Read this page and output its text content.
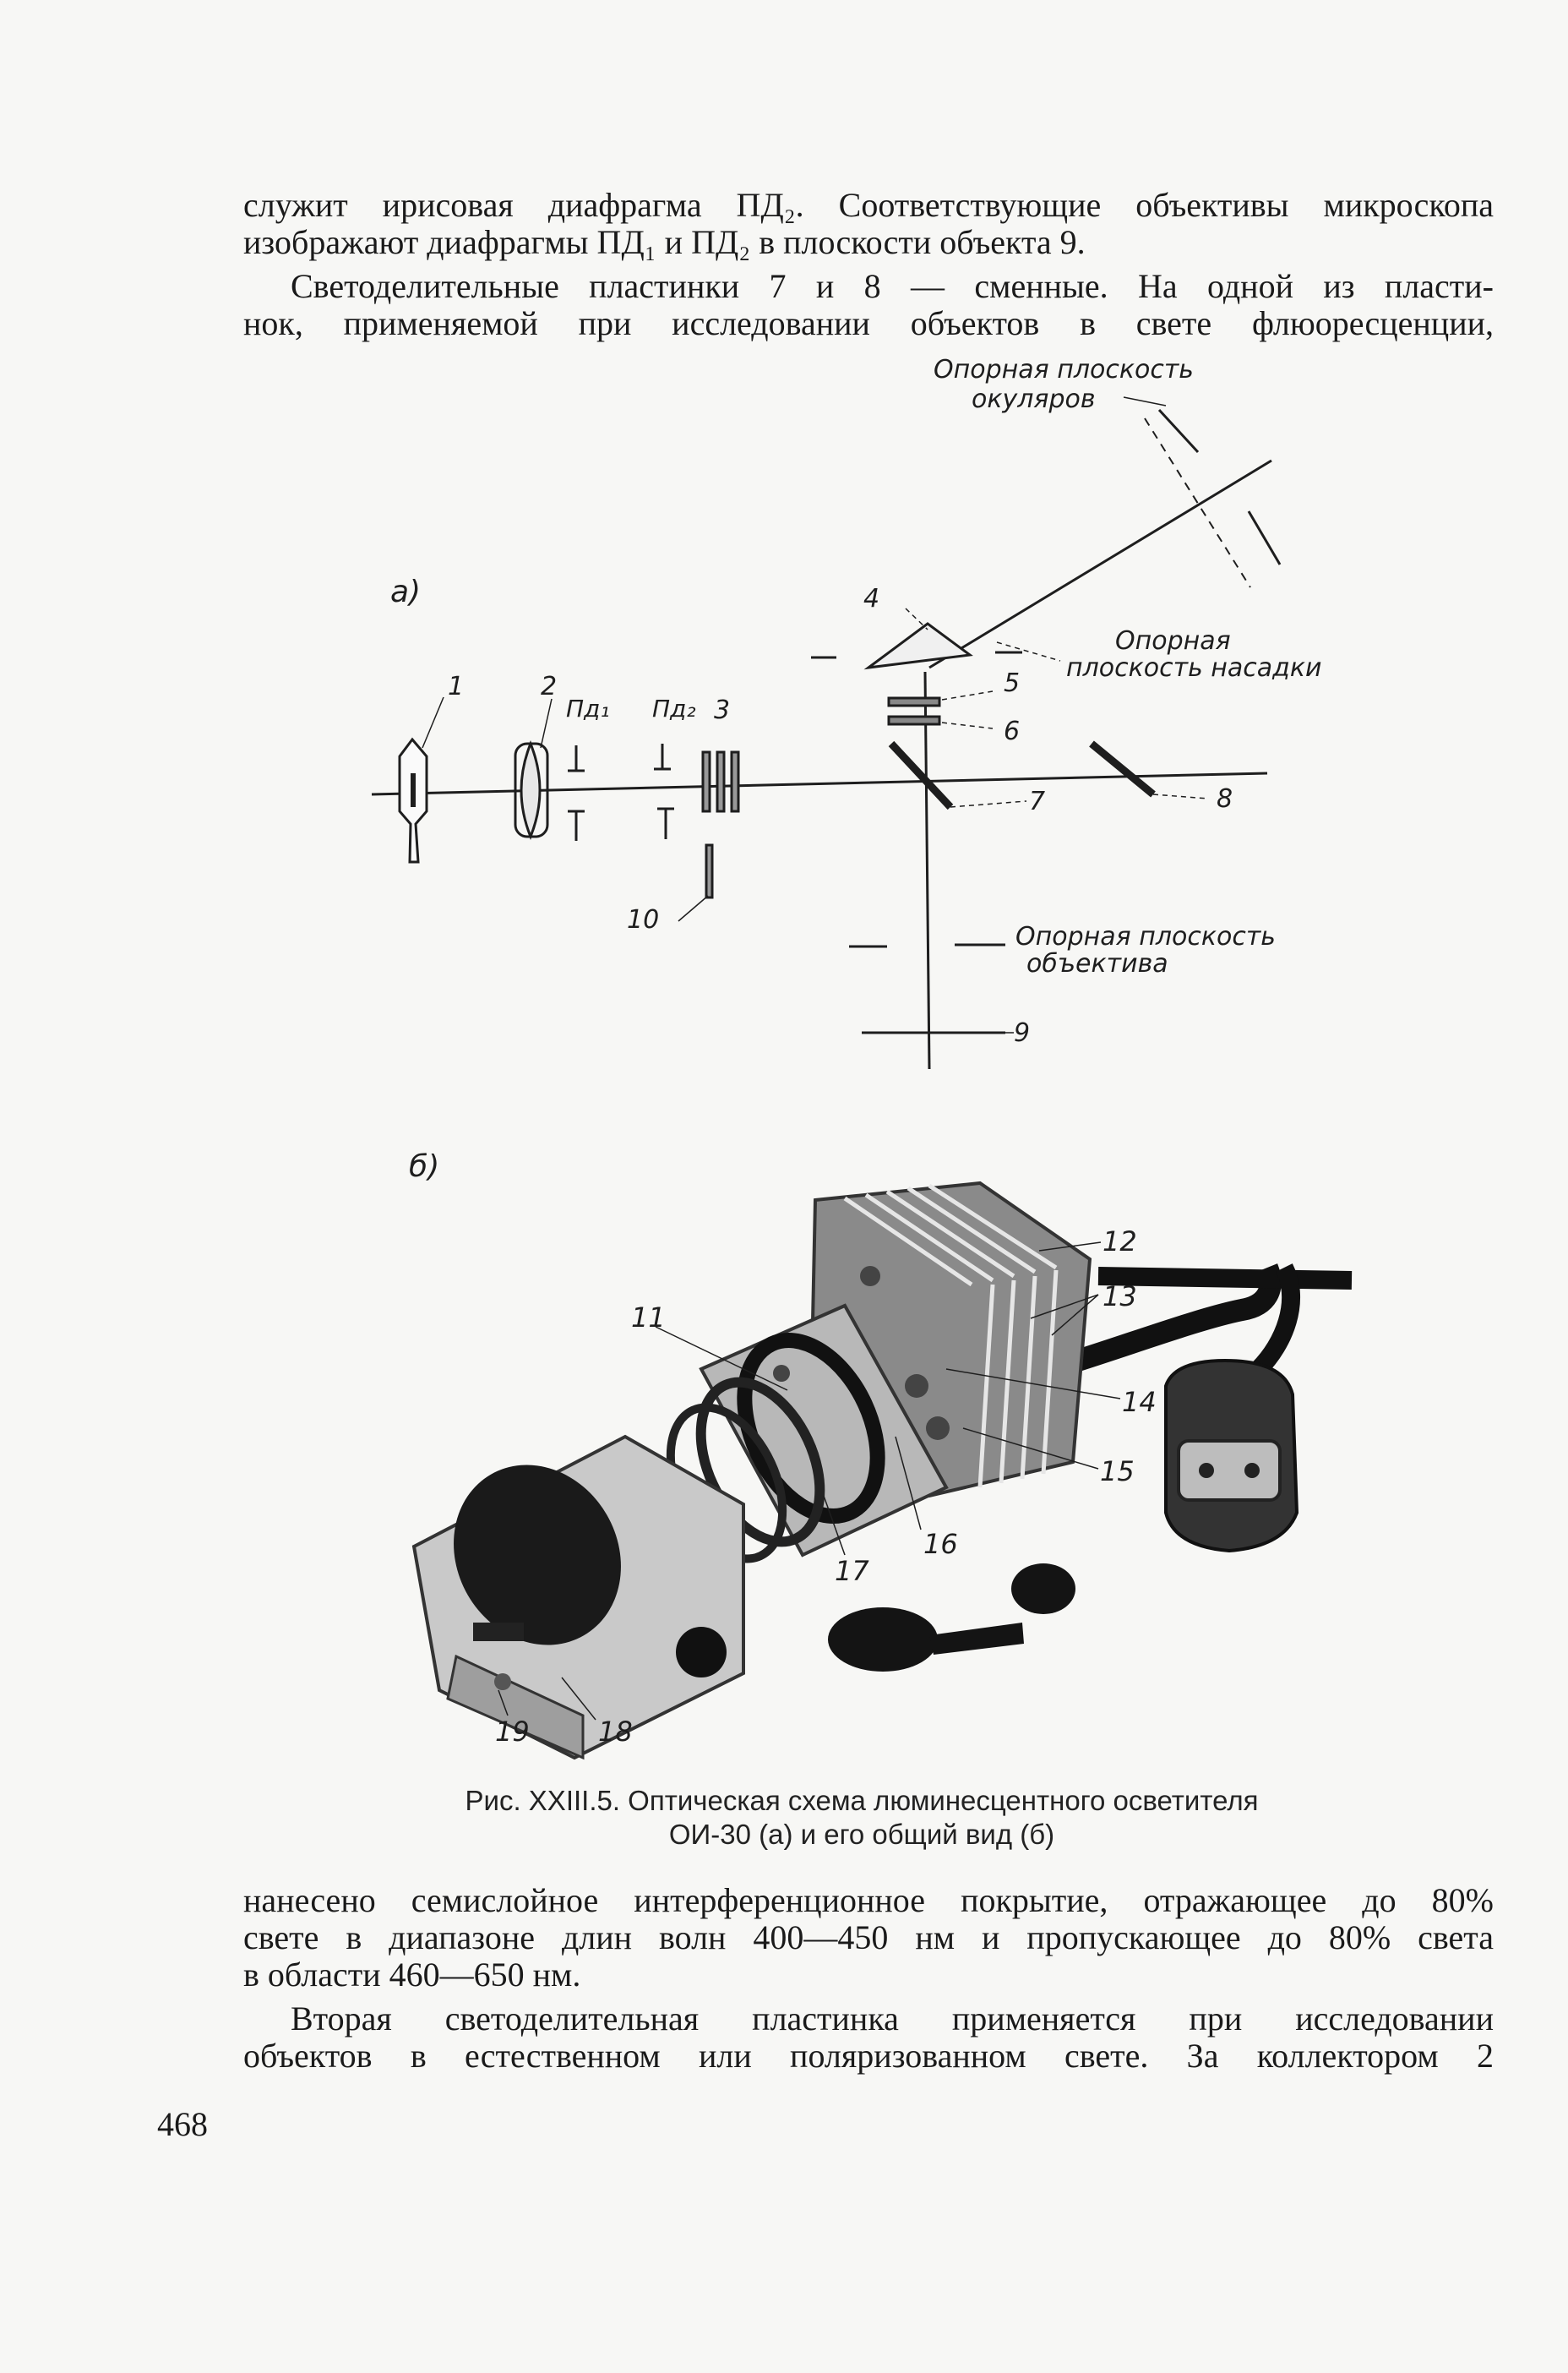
служит ирисовая диафрагма ПД₂. Соответствующие объективы микроскопа
изображают диафрагмы ПД₁ и ПД₂ в плоскости объекта 9.
Светоделительные пластинки 7 и 8 — сменные. На одной из пласти-
нок, применяемой при исследовании объектов в свете флюоресценции,
а)
Опорная плоскость
окуляров
Опорная
плоскость насадки
Опорная плоскость
объектива
Пд₁ Пд₂
1	2
3
4
5
6
7	8
9
10
б)
11
12
13
14
15
16
17
18
19
Рис. XXIII.5. Оптическая схема люминесцентного осветителя
ОИ-30 (а) и его общий вид (б)
нанесено семислойное интерференционное покрытие, отражающее до 80%
свете в диапазоне длин волн 400—450 нм и пропускающее до 80% света
в области 460—650 нм.
Вторая светоделительная пластинка применяется при исследовании
объектов в естественном или поляризованном свете. За коллектором 2
468
